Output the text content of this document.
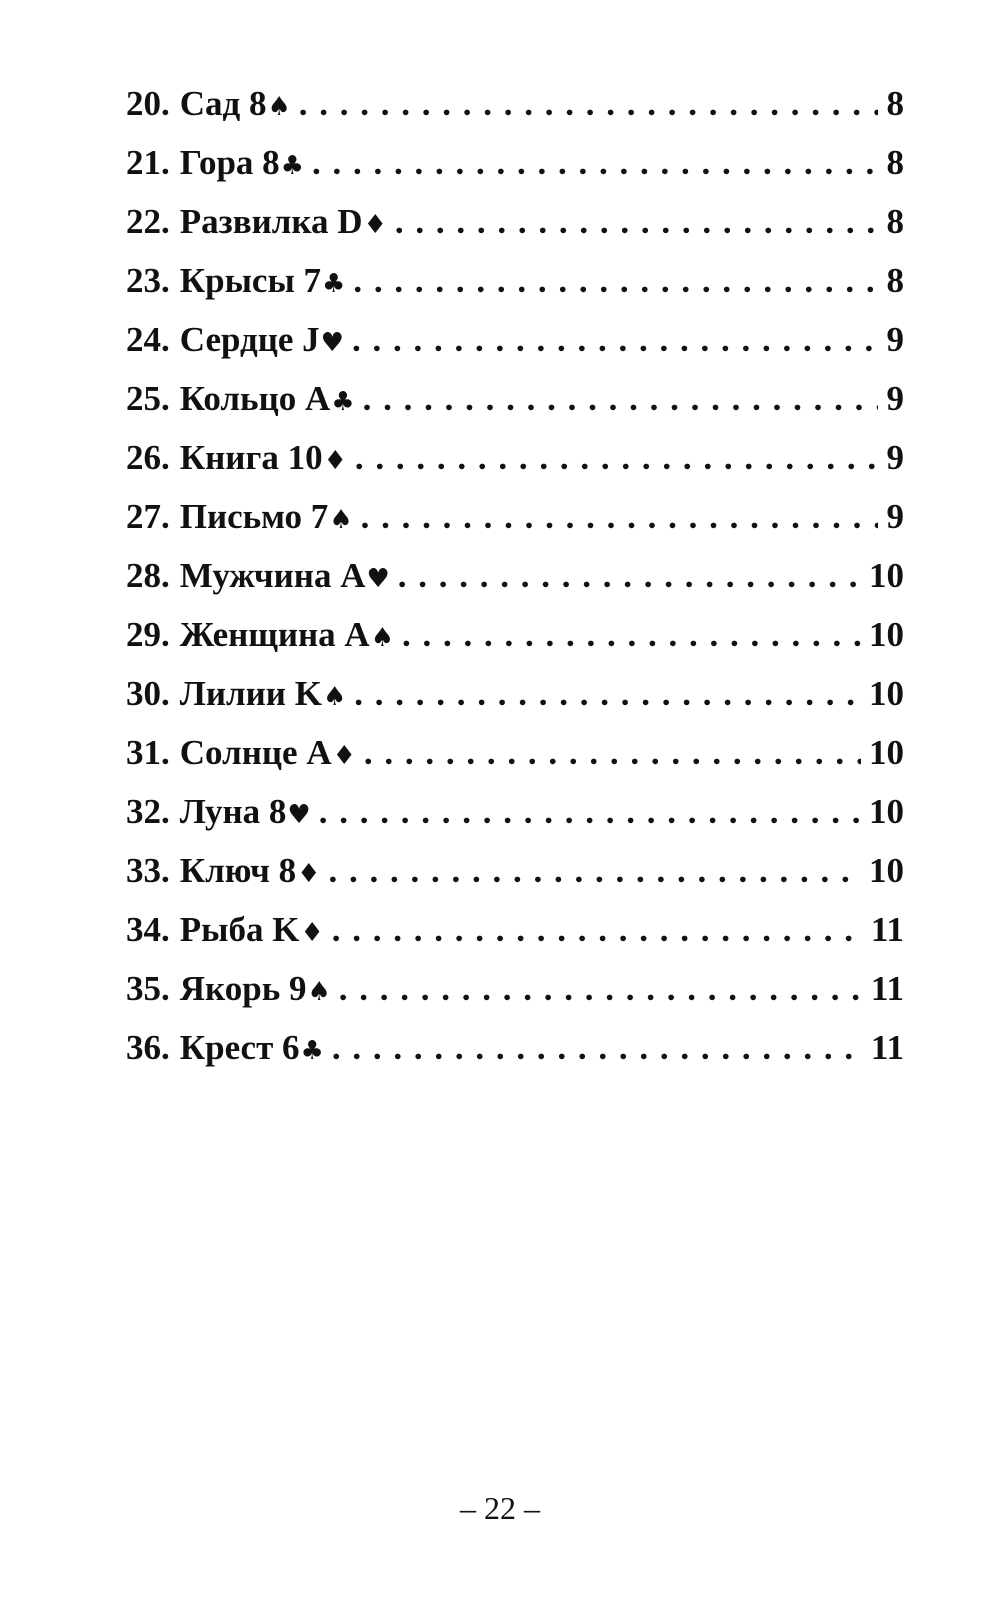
20. Сад 8 ♠ . . .	8
21. Гора 8 ♣ . . .	8
22. Развилка D ♦ . . .	8
23. Крысы 7 ♣ . . .	8
24. Сердце J ♥ . . .	9
25. Кольцо A ♣ . . .	9
26. Книга 10 ♦ . . .	9
27. Письмо 7 ♠ . . .	9
28. Мужчина A ♥ . . .	10
29. Женщина A ♠ . . .	10
30. Лилии K ♠ . . .	10
31. Солнце A ♦ . . .	10
32. Луна 8 ♥ . . .	10
33. Ключ 8 ♦ . . .	10
34. Рыба K ♦ . . .	11
35. Якорь 9 ♠ . . .	11
36. Крест 6 ♣ . . .	11
– 22 –
